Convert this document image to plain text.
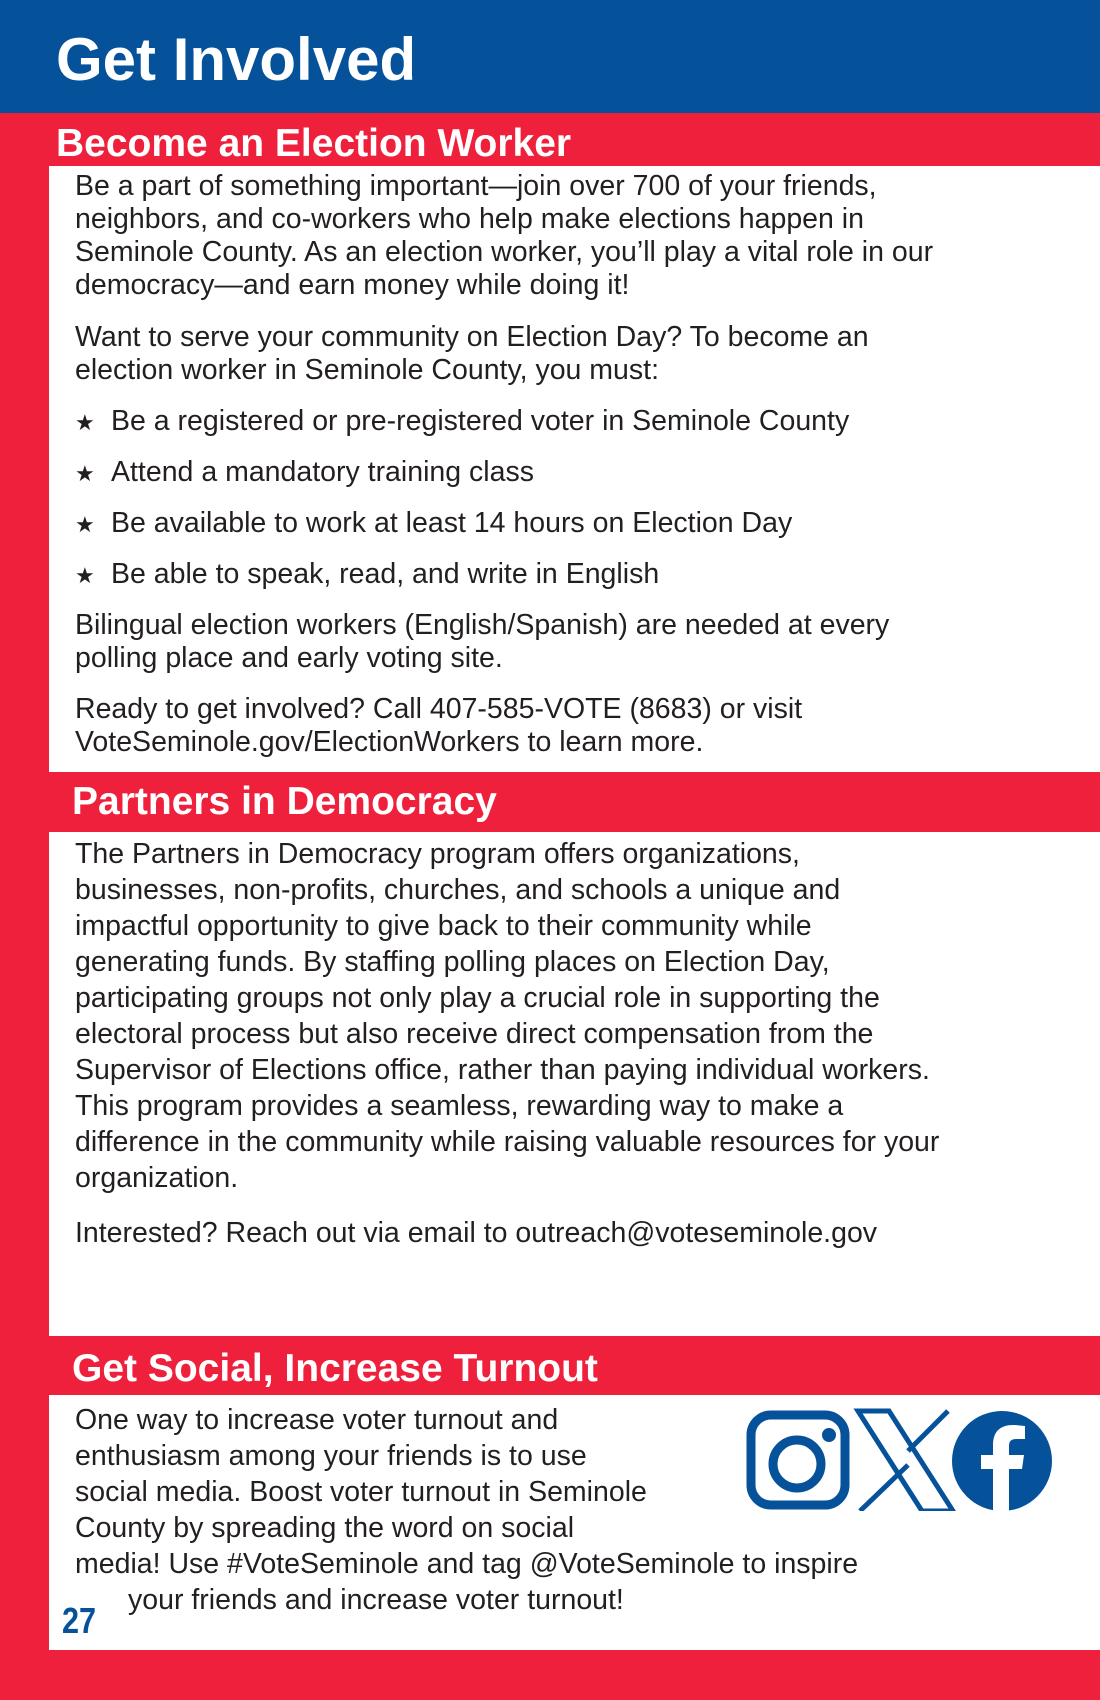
Get Involved
Become an Election Worker

Be a part of something important—join over 700 of your friends,

neighbors, and co-workers who help make elections happen in

Seminole County. As an election worker, you’ll play a vital role in our

democracy—and earn money while doing it!

Want to serve your community on Election Day? To become an

election worker in Seminole County, you must:

★ Be a registered or pre-registered voter in Seminole County
★ Attend a mandatory training class
★ Be available to work at least 14 hours on Election Day
★ Be able to speak, read, and write in English

Bilingual election workers (English/Spanish) are needed at every

polling place and early voting site.

Ready to get involved? Call 407-585-VOTE (8683) or visit

VoteSeminole.gov/ElectionWorkers to learn more.

Partners in Democracy

The Partners in Democracy program offers organizations,

businesses, non-profits, churches, and schools a unique and

impactful opportunity to give back to their community while

generating funds. By staffing polling places on Election Day,

participating groups not only play a crucial role in supporting the

electoral process but also receive direct compensation from the

Supervisor of Elections office, rather than paying individual workers.

This program provides a seamless, rewarding way to make a

difference in the community while raising valuable resources for your

organization.

Interested? Reach out via email to outreach@voteseminole.gov

Get Social, Increase Turnout

One way to increase voter turnout and

enthusiasm among your friends is to use

social media. Boost voter turnout in Seminole

County by spreading the word on social

media! Use #VoteSeminole and tag @VoteSeminole to inspire

your friends and increase voter turnout!

27
